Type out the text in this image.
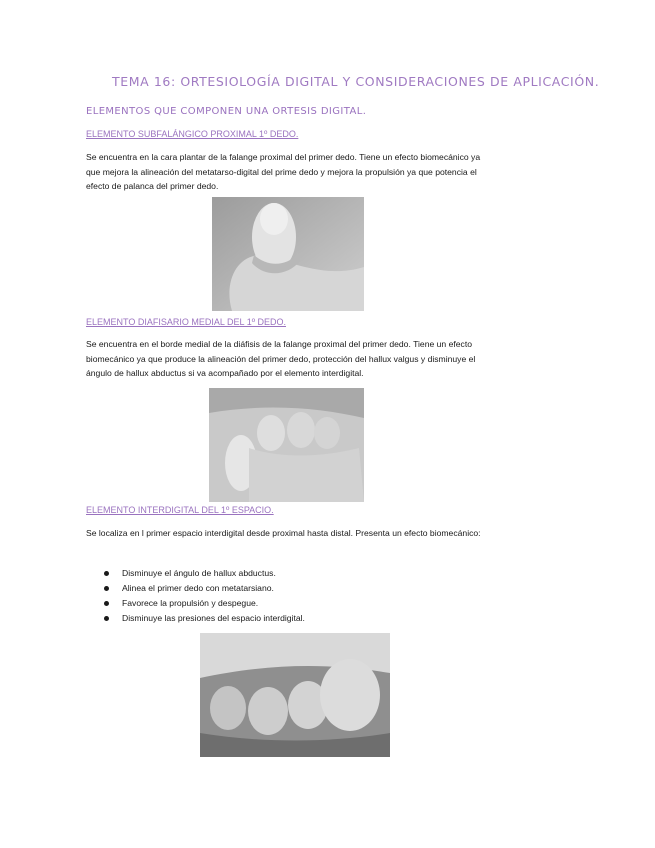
TEMA 16: ORTESIOLOGÍA DIGITAL Y CONSIDERACIONES DE APLICACIÓN.
ELEMENTOS QUE COMPONEN UNA ORTESIS DIGITAL.
ELEMENTO SUBFALÁNGICO PROXIMAL 1º DEDO.

Se encuentra en la cara plantar de la falange proximal del primer dedo. Tiene un efecto biomecánico ya que mejora la alineación del metatarso-digital del prime dedo y mejora la propulsión ya que potencia el efecto de palanca del primer dedo.

ELEMENTO DIAFISARIO MEDIAL DEL 1º DEDO.

Se encuentra en el borde medial de la diáfisis de la falange proximal del primer dedo. Tiene un efecto biomecánico ya que produce la alineación del primer dedo, protección del hallux valgus y disminuye el ángulo de hallux abductus si va acompañado por el elemento interdigital.

ELEMENTO INTERDIGITAL DEL 1º ESPACIO.

Se localiza en l primer espacio interdigital desde proximal hasta distal. Presenta un efecto biomecánico:

Disminuye el ángulo de hallux abductus.
Alinea el primer dedo con metatarsiano.
Favorece la propulsión y despegue.
Disminuye las presiones del espacio interdigital.
